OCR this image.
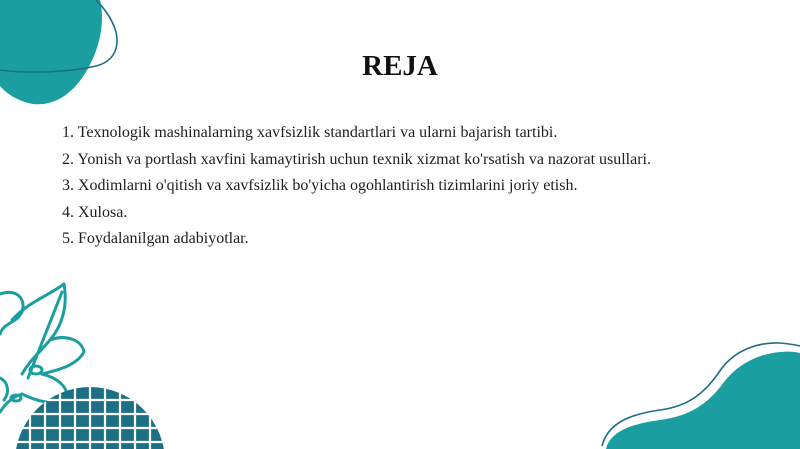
REJA
1. Texnologik mashinalarning xavfsizlik standartlari va ularni bajarish tartibi.
2. Yonish va portlash xavfini kamaytirish uchun texnik xizmat ko'rsatish va nazorat usullari.
3. Xodimlarni o'qitish va xavfsizlik bo'yicha ogohlantirish tizimlarini joriy etish.
4. Xulosa.
5. Foydalanilgan adabiyotlar.
